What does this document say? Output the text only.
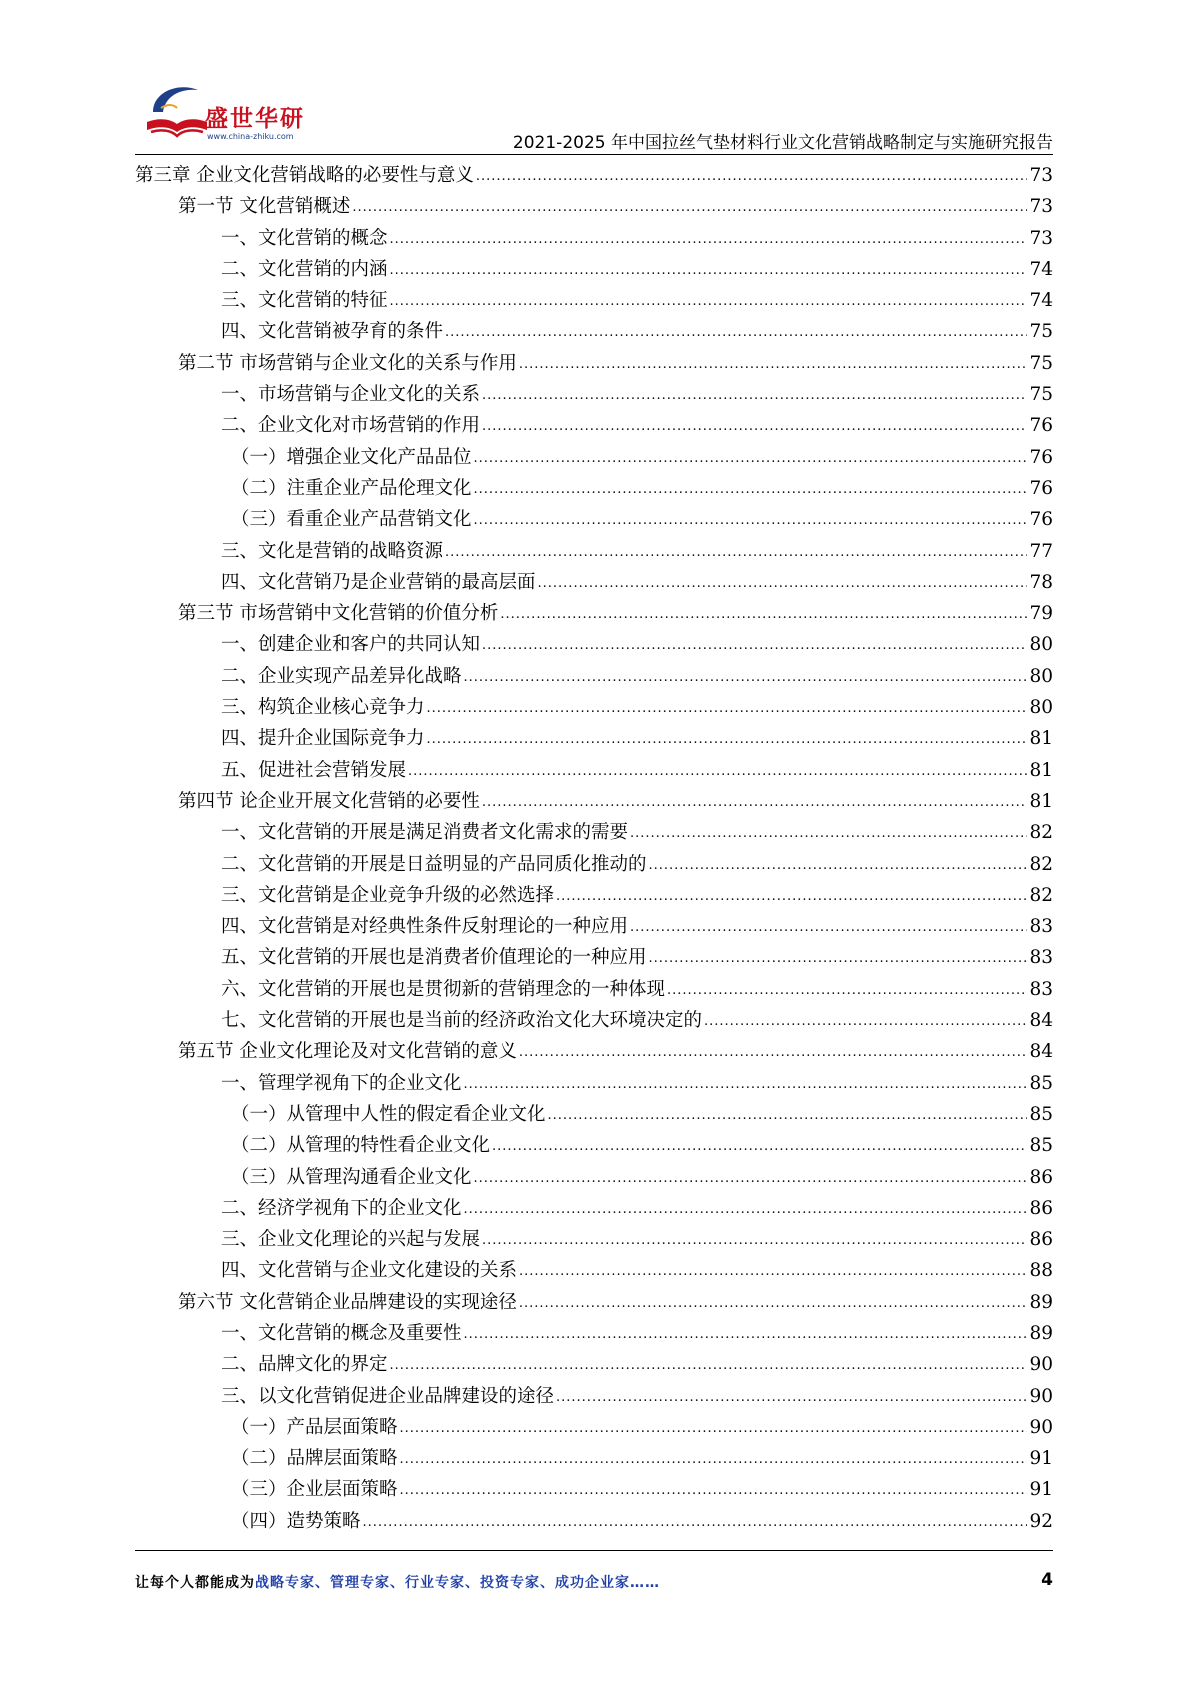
盛世华研
www.china-zhiku.com	2021-2025 年中国拉丝气垫材料行业文化营销战略制定与实施研究报告
第三章 企业文化营销战略的必要性与意义 .....	73
第一节 文化营销概述 .....	73
一、文化营销的概念 .....	73
二、文化营销的内涵 .....	74
三、文化营销的特征 .....	74
四、文化营销被孕育的条件 .....	75
第二节 市场营销与企业文化的关系与作用 .....	75
一、市场营销与企业文化的关系 .....	75
二、企业文化对市场营销的作用 .....	76
（一）增强企业文化产品品位 .....	76
（二）注重企业产品伦理文化 .....	76
（三）看重企业产品营销文化 .....	76
三、文化是营销的战略资源 .....	77
四、文化营销乃是企业营销的最高层面 .....	78
第三节 市场营销中文化营销的价值分析 .....	79
一、创建企业和客户的共同认知 .....	80
二、企业实现产品差异化战略 .....	80
三、构筑企业核心竞争力 .....	80
四、提升企业国际竞争力 .....	81
五、促进社会营销发展 .....	81
第四节 论企业开展文化营销的必要性 .....	81
一、文化营销的开展是满足消费者文化需求的需要 .....	82
二、文化营销的开展是日益明显的产品同质化推动的 .....	82
三、文化营销是企业竞争升级的必然选择 .....	82
四、文化营销是对经典性条件反射理论的一种应用 .....	83
五、文化营销的开展也是消费者价值理论的一种应用 .....	83
六、文化营销的开展也是贯彻新的营销理念的一种体现 .....	83
七、文化营销的开展也是当前的经济政治文化大环境决定的 .....	84
第五节 企业文化理论及对文化营销的意义 .....	84
一、管理学视角下的企业文化 .....	85
（一）从管理中人性的假定看企业文化 .....	85
（二）从管理的特性看企业文化 .....	85
（三）从管理沟通看企业文化 .....	86
二、经济学视角下的企业文化 .....	86
三、企业文化理论的兴起与发展 .....	86
四、文化营销与企业文化建设的关系 .....	88
第六节 文化营销企业品牌建设的实现途径 .....	89
一、文化营销的概念及重要性 .....	89
二、品牌文化的界定 .....	90
三、以文化营销促进企业品牌建设的途径 .....	90
（一）产品层面策略 .....	90
（二）品牌层面策略 .....	91
（三）企业层面策略 .....	91
（四）造势策略 .....	92
让每个人都能成为战略专家、管理专家、行业专家、投资专家、成功企业家……	4
